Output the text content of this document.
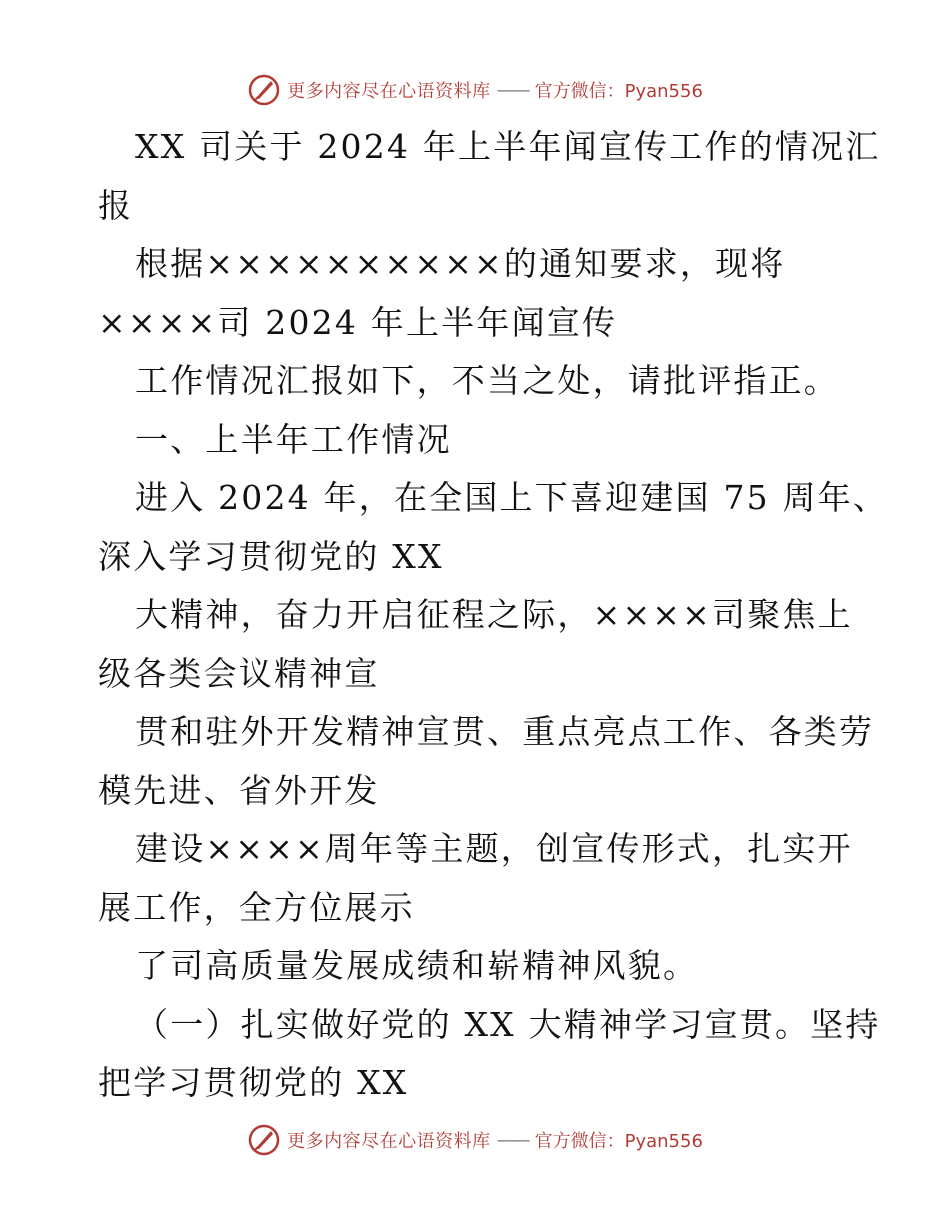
更多内容尽在心语资料库 —— 官方微信：Pyan556

XX 司关于 2024 年上半年闻宣传工作的情况汇

报

根据××××××××××的通知要求，现将

××××司 2024 年上半年闻宣传

工作情况汇报如下，不当之处，请批评指正。

一、上半年工作情况

进入 2024 年，在全国上下喜迎建国 75 周年、

深入学习贯彻党的 XX

大精神，奋力开启征程之际，××××司聚焦上

级各类会议精神宣

贯和驻外开发精神宣贯、重点亮点工作、各类劳

模先进、省外开发

建设××××周年等主题，创宣传形式，扎实开

展工作，全方位展示

了司高质量发展成绩和崭精神风貌。

（一）扎实做好党的 XX 大精神学习宣贯。坚持

把学习贯彻党的 XX

更多内容尽在心语资料库 —— 官方微信：Pyan556
